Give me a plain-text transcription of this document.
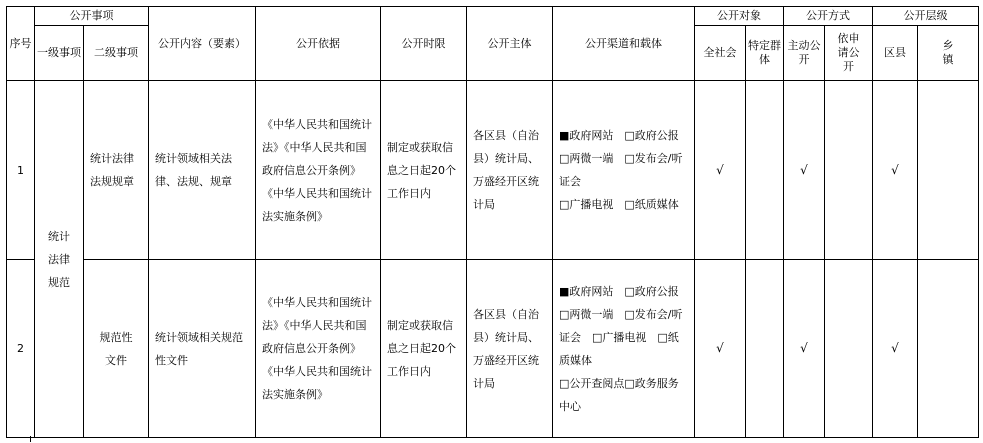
序号	公开事项		公开内容（要素）	公开依据	公开时限	公开主体	公开渠道和载体	公开对象		公开方式		公开层级	
	一级事项	二级事项						全社会	特定群体	主动公开	依申请公开	区县	乡镇
1	统计法律规范	统计法律法规规章	统计领域相关法律、法规、规章	《中华人民共和国统计法》《中华人民共和国政府信息公开条例》《中华人民共和国统计法实施条例》	制定或获取信息之日起20个工作日内	各区县（自治县）统计局、万盛经开区统计局	■政府网站　□政府公报
□两微一端　□发布会/听证会
□广播电视　□纸质媒体	√		√		√	
2		规范性文件	统计领域相关规范性文件	《中华人民共和国统计法》《中华人民共和国政府信息公开条例》《中华人民共和国统计法实施条例》	制定或获取信息之日起20个工作日内	各区县（自治县）统计局、万盛经开区统计局	■政府网站　□政府公报
□两微一端　□发布会/听证会　□广播电视　□纸质媒体
□公开查阅点□政务服务中心	√		√		√	
